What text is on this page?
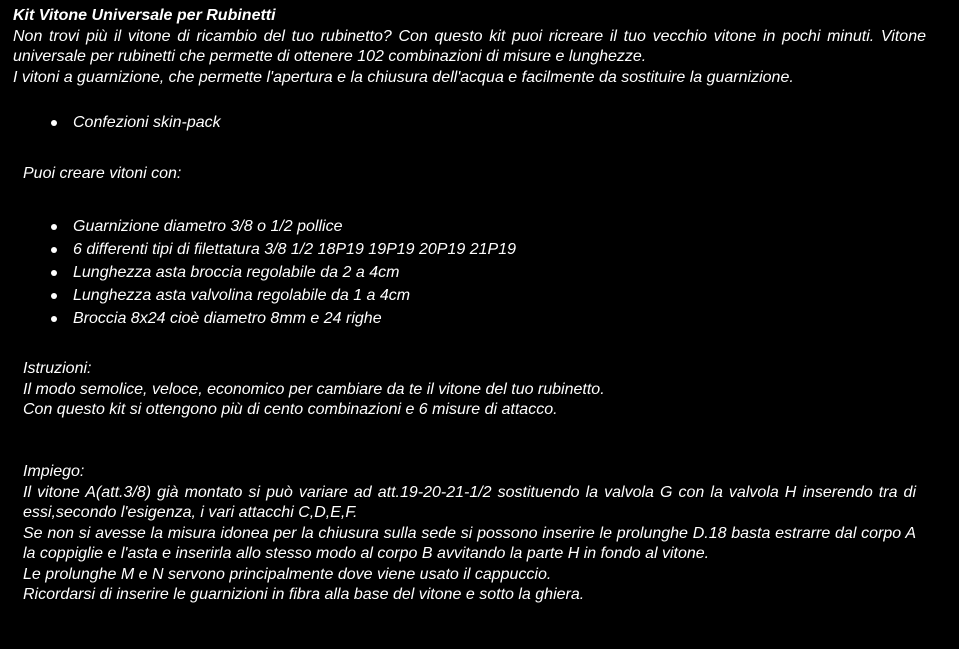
Kit Vitone Universale per Rubinetti

Non trovi più il vitone di ricambio del tuo rubinetto? Con questo kit puoi ricreare il tuo vecchio vitone in pochi minuti. Vitone universale per rubinetti che permette di ottenere 102 combinazioni di misure e lunghezze.

I vitoni a guarnizione, che permette l'apertura e la chiusura dell'acqua e facilmente da sostituire la guarnizione.

Confezioni skin-pack

Puoi creare vitoni con:

Guarnizione diametro 3/8 o 1/2 pollice
6 differenti tipi di filettatura 3/8 1/2 18P19 19P19 20P19 21P19
Lunghezza asta broccia regolabile da 2 a 4cm
Lunghezza asta valvolina regolabile da 1 a 4cm
Broccia 8x24 cioè diametro 8mm e 24 righe

Istruzioni:

Il modo semolice, veloce, economico per cambiare da te il vitone del tuo rubinetto.

Con questo kit si ottengono più di cento combinazioni e 6 misure di attacco.

Impiego:

Il vitone A(att.3/8) già montato si può variare ad att.19-20-21-1/2 sostituendo la valvola G con la valvola H inserendo tra di essi,secondo l'esigenza, i vari attacchi C,D,E,F.

Se non si avesse la misura idonea per la chiusura sulla sede si possono inserire le prolunghe D.18 basta estrarre dal corpo A la coppiglie e l'asta e inserirla allo stesso modo al corpo B avvitando la parte H in fondo al vitone.

Le prolunghe M e N servono principalmente dove viene usato il cappuccio.

Ricordarsi di inserire le guarnizioni in fibra alla base del vitone e sotto la ghiera.
